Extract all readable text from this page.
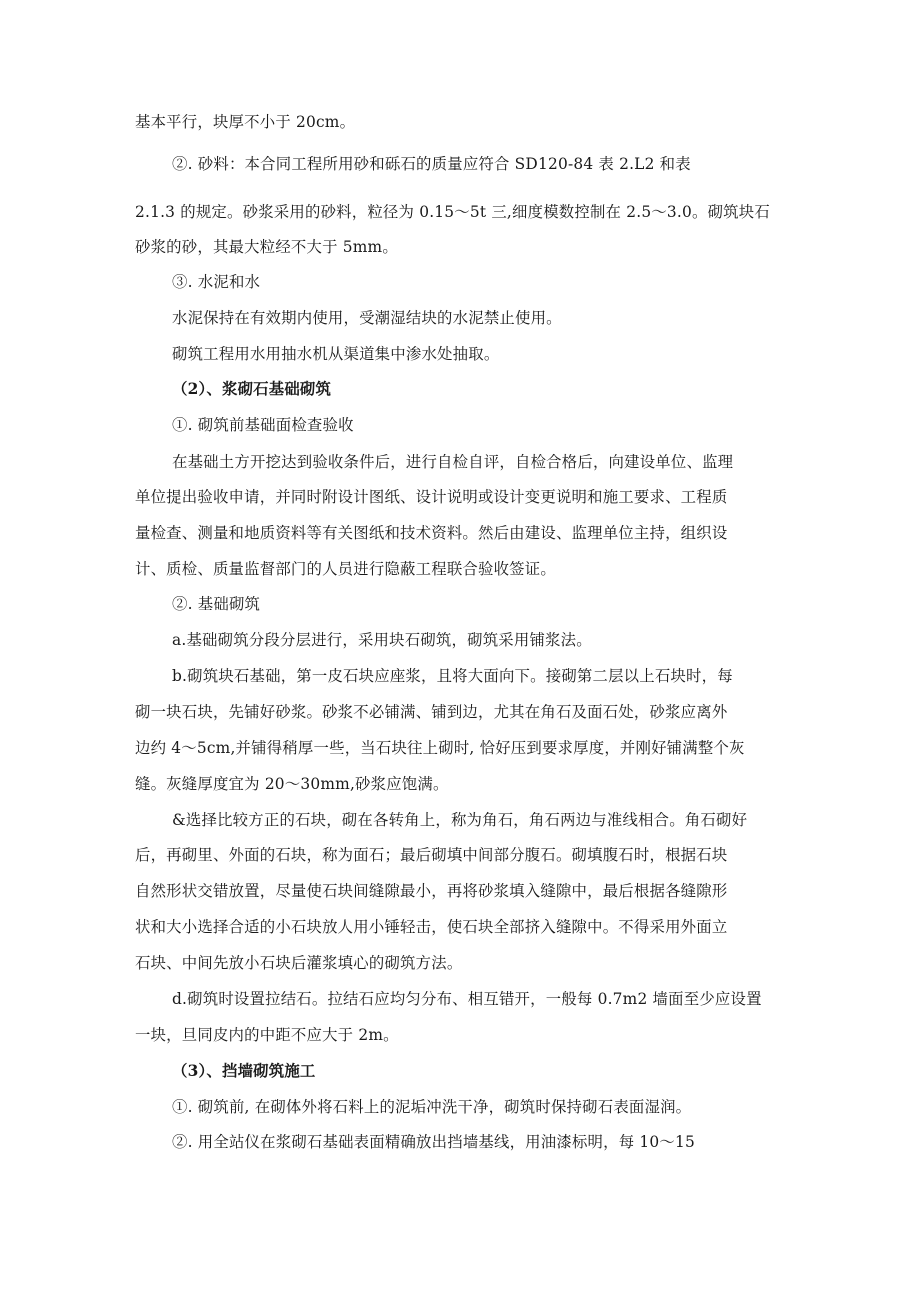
基本平行，块厚不小于 20cm。
②. 砂料：本合同工程所用砂和砾石的质量应符合 SD120-84 表 2.L2 和表
2.1.3 的规定。砂浆采用的砂料，粒径为 0.15～5t 三,细度模数控制在 2.5～3.0。砌筑块石
砂浆的砂，其最大粒经不大于 5mm。
③. 水泥和水
水泥保持在有效期内使用，受潮湿结块的水泥禁止使用。
砌筑工程用水用抽水机从渠道集中渗水处抽取。
（2）、浆砌石基础砌筑
①. 砌筑前基础面检查验收
在基础土方开挖达到验收条件后，进行自检自评，自检合格后，向建设单位、监理
单位提出验收申请，并同时附设计图纸、设计说明或设计变更说明和施工要求、工程质
量检查、测量和地质资料等有关图纸和技术资料。然后由建设、监理单位主持，组织设
计、质检、质量监督部门的人员进行隐蔽工程联合验收签证。
②. 基础砌筑
a.基础砌筑分段分层进行，采用块石砌筑，砌筑采用铺浆法。
b.砌筑块石基础，第一皮石块应座浆，且将大面向下。接砌第二层以上石块时，每
砌一块石块，先铺好砂浆。砂浆不必铺满、铺到边，尤其在角石及面石处，砂浆应离外
边约 4～5cm,并铺得稍厚一些，当石块往上砌时, 恰好压到要求厚度，并刚好铺满整个灰
缝。灰缝厚度宜为 20～30mm,砂浆应饱满。
&选择比较方正的石块，砌在各转角上，称为角石，角石两边与准线相合。角石砌好
后，再砌里、外面的石块，称为面石；最后砌填中间部分腹石。砌填腹石时，根据石块
自然形状交错放置，尽量使石块间缝隙最小，再将砂浆填入缝隙中，最后根据各缝隙形
状和大小选择合适的小石块放人用小锤轻击，使石块全部挤入缝隙中。不得采用外面立
石块、中间先放小石块后灌浆填心的砌筑方法。
d.砌筑时设置拉结石。拉结石应均匀分布、相互错开，一般每 0.7m2 墙面至少应设置
一块，旦同皮内的中距不应大于 2m。
（3）、挡墙砌筑施工
①. 砌筑前, 在砌体外将石料上的泥垢冲洗干净，砌筑时保持砌石表面湿润。
②. 用全站仪在浆砌石基础表面精确放出挡墙基线，用油漆标明，每 10～15
